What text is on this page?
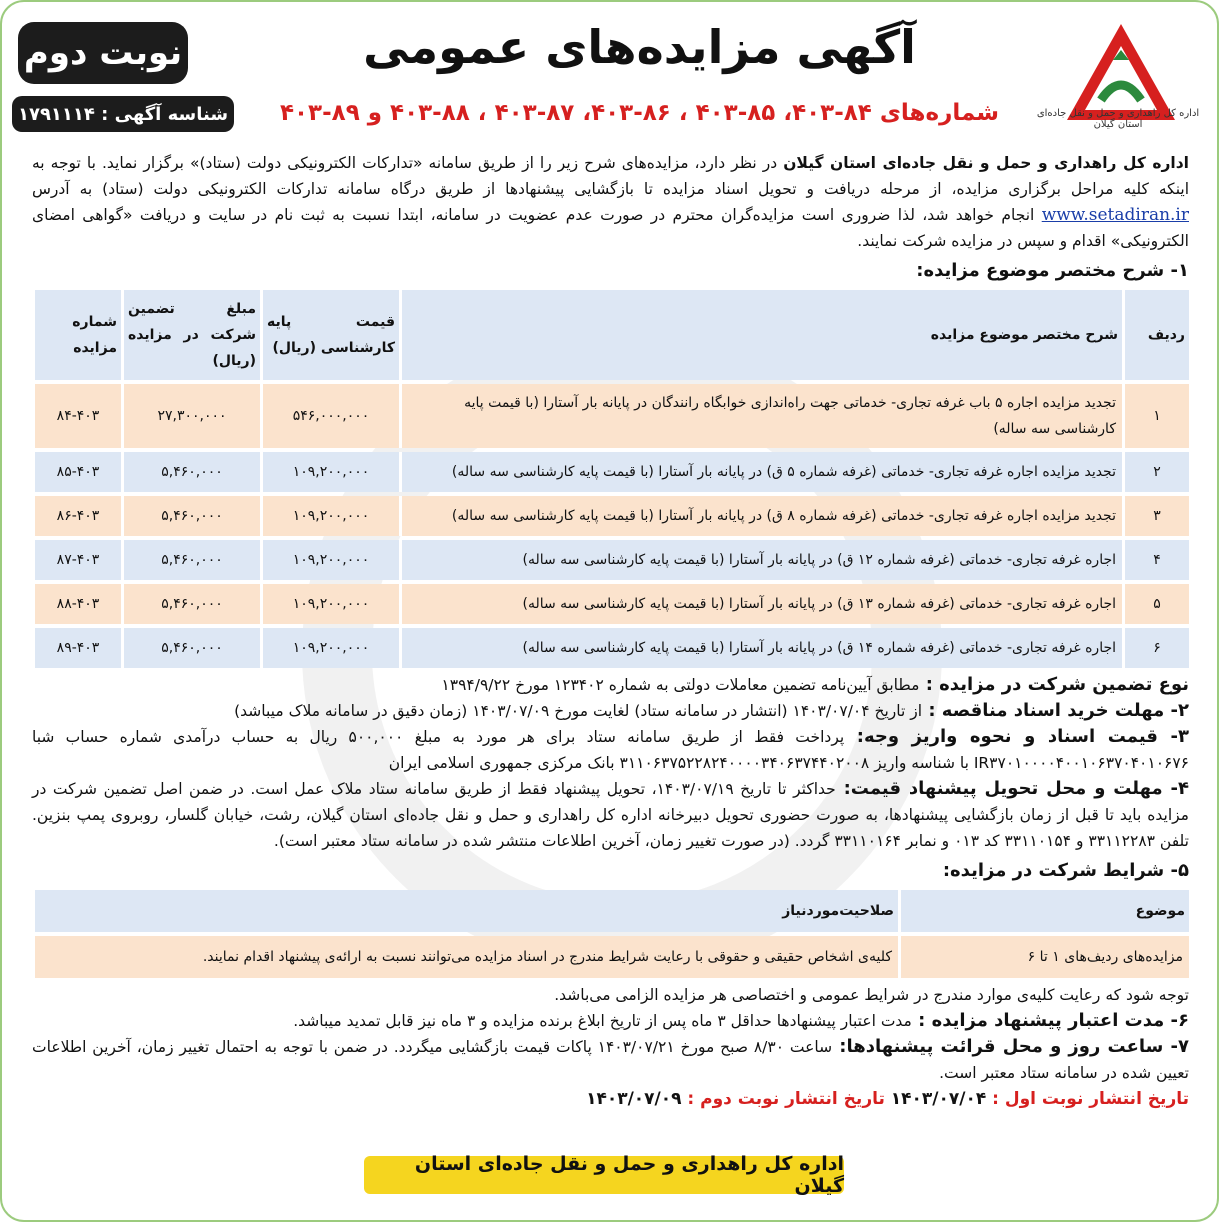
اداره کل راهداری و حمل و نقل جاده‌ای استان گیلان
آگهی مزایده‌های عمومی
شماره‌های ۸۴-۴۰۳، ۸۵-۴۰۳ ، ۸۶-۴۰۳، ۸۷-۴۰۳ ، ۸۸-۴۰۳ و ۸۹-۴۰۳
نوبت دوم
شناسه آگهی : ۱۷۹۱۱۱۴

اداره کل راهداری و حمل و نقل جاده‌ای استان گیلان در نظر دارد، مزایده‌های شرح زیر را از طریق سامانه «تدارکات الکترونیکی دولت (ستاد)» برگزار نماید. با توجه به اینکه کلیه مراحل برگزاری مزایده، از مرحله دریافت و تحویل اسناد مزایده تا بازگشایی پیشنهادها از طریق درگاه سامانه تدارکات الکترونیکی دولت (ستاد) به آدرس www.setadiran.ir انجام خواهد شد، لذا ضروری است مزایده‌گران محترم در صورت عدم عضویت در سامانه، ابتدا نسبت به ثبت نام در سایت و دریافت «گواهی امضای الکترونیکی» اقدام و سپس در مزایده شرکت نمایند.

۱- شرح مختصر موضوع مزایده:
ردیف	شرح مختصر موضوع مزایده	قیمت پایه کارشناسی (ریال)	مبلغ تضمین شرکت در مزایده (ریال)	شماره مزایده
۱	تجدید مزایده اجاره ۵ باب غرفه تجاری- خدماتی جهت راه‌اندازی خوابگاه رانندگان در پایانه بار آستارا (با قیمت پایه کارشناسی سه ساله)	۵۴۶,۰۰۰,۰۰۰	۲۷,۳۰۰,۰۰۰	۸۴-۴۰۳
۲	تجدید مزایده اجاره غرفه تجاری- خدماتی (غرفه شماره ۵ ق) در پایانه بار آستارا (با قیمت پایه کارشناسی سه ساله)	۱۰۹,۲۰۰,۰۰۰	۵,۴۶۰,۰۰۰	۸۵-۴۰۳
۳	تجدید مزایده اجاره غرفه تجاری- خدماتی (غرفه شماره ۸ ق) در پایانه بار آستارا (با قیمت پایه کارشناسی سه ساله)	۱۰۹,۲۰۰,۰۰۰	۵,۴۶۰,۰۰۰	۸۶-۴۰۳
۴	اجاره غرفه تجاری- خدماتی (غرفه شماره ۱۲ ق) در پایانه بار آستارا (با قیمت پایه کارشناسی سه ساله)	۱۰۹,۲۰۰,۰۰۰	۵,۴۶۰,۰۰۰	۸۷-۴۰۳
۵	اجاره غرفه تجاری- خدماتی (غرفه شماره ۱۳ ق) در پایانه بار آستارا (با قیمت پایه کارشناسی سه ساله)	۱۰۹,۲۰۰,۰۰۰	۵,۴۶۰,۰۰۰	۸۸-۴۰۳
۶	اجاره غرفه تجاری- خدماتی (غرفه شماره ۱۴ ق) در پایانه بار آستارا (با قیمت پایه کارشناسی سه ساله)	۱۰۹,۲۰۰,۰۰۰	۵,۴۶۰,۰۰۰	۸۹-۴۰۳

نوع تضمین شرکت در مزایده : مطابق آیین‌نامه تضمین معاملات دولتی به شماره ۱۲۳۴۰۲ مورخ ۱۳۹۴/۹/۲۲

۲- مهلت خرید اسناد مناقصه : از تاریخ ۱۴۰۳/۰۷/۰۴ (انتشار در سامانه ستاد) لغایت مورخ ۱۴۰۳/۰۷/۰۹ (زمان دقیق در سامانه ملاک میباشد)

۳- قیمت اسناد و نحوه واریز وجه: پرداخت فقط از طریق سامانه ستاد برای هر مورد به مبلغ ۵۰۰,۰۰۰ ریال به حساب درآمدی شماره حساب شبا IR۳۷۰۱۰۰۰۰۴۰۰۱۰۶۳۷۰۴۰۱۰۶۷۶ با شناسه واریز ۳۱۱۰۶۳۷۵۲۲۸۲۴۰۰۰۰۳۴۰۶۳۷۴۴۰۲۰۰۸ بانک مرکزی جمهوری اسلامی ایران

۴- مهلت و محل تحویل پیشنهاد قیمت: حداکثر تا تاریخ ۱۴۰۳/۰۷/۱۹، تحویل پیشنهاد فقط از طریق سامانه ستاد ملاک عمل است. در ضمن اصل تضمین شرکت در مزایده باید تا قبل از زمان بازگشایی پیشنهادها، به صورت حضوری تحویل دبیرخانه اداره کل راهداری و حمل و نقل جاده‌ای استان گیلان، رشت، خیابان گلسار، روبروی پمپ بنزین. تلفن ۳۳۱۱۲۲۸۳ و ۳۳۱۱۰۱۵۴ کد ۰۱۳ و نمابر ۳۳۱۱۰۱۶۴ گردد. (در صورت تغییر زمان، آخرین اطلاعات منتشر شده در سامانه ستاد معتبر است).

۵- شرایط شرکت در مزایده:
موضوع	صلاحیت‌موردنیاز
مزایده‌های ردیف‌های ۱ تا ۶	کلیه‌ی اشخاص حقیقی و حقوقی با رعایت شرایط مندرج در اسناد مزایده می‌توانند نسبت به ارائه‌ی پیشنهاد اقدام نمایند.

توجه شود که رعایت کلیه‌ی موارد مندرج در شرایط عمومی و اختصاصی هر مزایده الزامی می‌باشد.

۶- مدت اعتبار پیشنهاد مزایده : مدت اعتبار پیشنهادها حداقل ۳ ماه پس از تاریخ ابلاغ برنده مزایده و ۳ ماه نیز قابل تمدید میباشد.

۷- ساعت روز و محل قرائت پیشنهادها: ساعت ۸/۳۰ صبح مورخ ۱۴۰۳/۰۷/۲۱ پاکات قیمت بازگشایی میگردد. در ضمن با توجه به احتمال تغییر زمان، آخرین اطلاعات تعیین شده در سامانه ستاد معتبر است.

تاریخ انتشار نوبت اول : ۱۴۰۳/۰۷/۰۴ تاریخ انتشار نوبت دوم : ۱۴۰۳/۰۷/۰۹

اداره کل راهداری و حمل و نقل جاده‌ای استان گیلان
